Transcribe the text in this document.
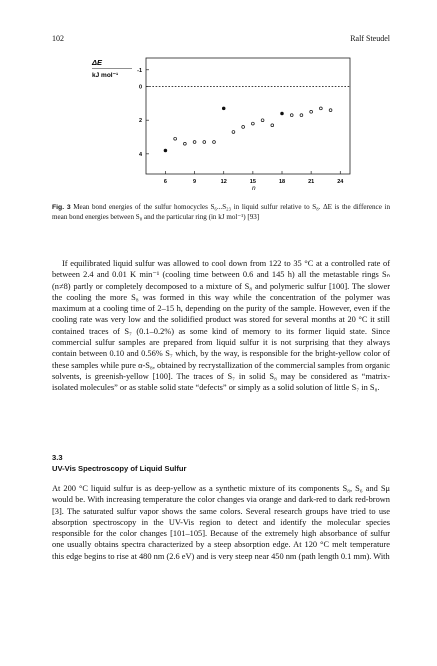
102	Ralf Steudel
ΔE
kJ mol⁻¹
n
6	9	12	15	18	21	24
-1
0
2
4
Fig. 3 Mean bond energies of the sulfur homocycles S₆...S₂₃ in liquid sulfur relative to S₈. ΔE is the difference in mean bond energies between S₈ and the particular ring (in kJ mol⁻¹) [93]

If equilibrated liquid sulfur was allowed to cool down from 122 to 35 °C at a controlled rate of between 2.4 and 0.01 K min⁻¹ (cooling time between 0.6 and 145 h) all the metastable rings Sₙ (n≠8) partly or completely decomposed to a mixture of S₈ and polymeric sulfur [100]. The slower the cooling the more S₈ was formed in this way while the concentration of the polymer was maximum at a cooling time of 2–15 h, depending on the purity of the sample. However, even if the cooling rate was very low and the solidified product was stored for several months at 20 °C it still contained traces of S₇ (0.1–0.2%) as some kind of memory to its former liquid state. Since commercial sulfur samples are prepared from liquid sulfur it is not surprising that they always contain between 0.10 and 0.56% S₇ which, by the way, is responsible for the bright-yellow color of these samples while pure α-S₈, obtained by recrystallization of the commercial samples from organic solvents, is greenish-yellow [100]. The traces of S₇ in solid S₈ may be considered as “matrix-isolated molecules” or as stable solid state “defects” or simply as a solid solution of little S₇ in S₈.

3.3
UV-Vis Spectroscopy of Liquid Sulfur

At 200 °C liquid sulfur is as deep-yellow as a synthetic mixture of its components S₈, S₆ and Sμ would be. With increasing temperature the color changes via orange and dark-red to dark red-brown [3]. The saturated sulfur vapor shows the same colors. Several research groups have tried to use absorption spectroscopy in the UV-Vis region to detect and identify the molecular species responsible for the color changes [101–105]. Because of the extremely high absorbance of sulfur one usually obtains spectra characterized by a steep absorption edge. At 120 °C melt temperature this edge begins to rise at 480 nm (2.6 eV) and is very steep near 450 nm (path length 0.1 mm). With
